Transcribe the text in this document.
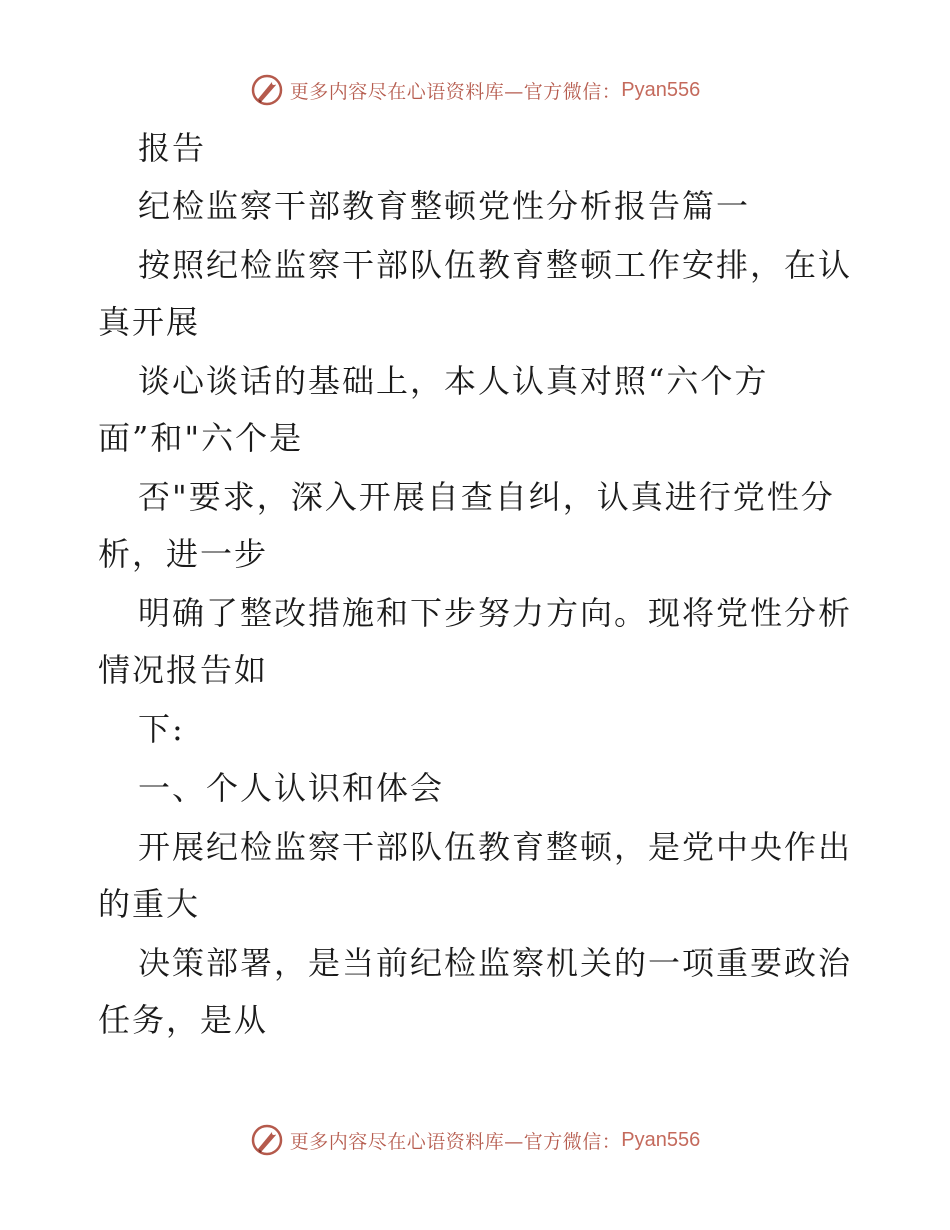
更多内容尽在心语资料库—官方微信： Pyan556
报告
纪检监察干部教育整顿党性分析报告篇一
按照纪检监察干部队伍教育整顿工作安排，在认
真开展
谈心谈话的基础上，本人认真对照“六个方
面”和"六个是
否"要求，深入开展自查自纠，认真进行党性分
析，进一步
明确了整改措施和下步努力方向。现将党性分析
情况报告如
下:
一、个人认识和体会
开展纪检监察干部队伍教育整顿，是党中央作出
的重大
决策部署，是当前纪检监察机关的一项重要政治
任务，是从
更多内容尽在心语资料库—官方微信： Pyan556
